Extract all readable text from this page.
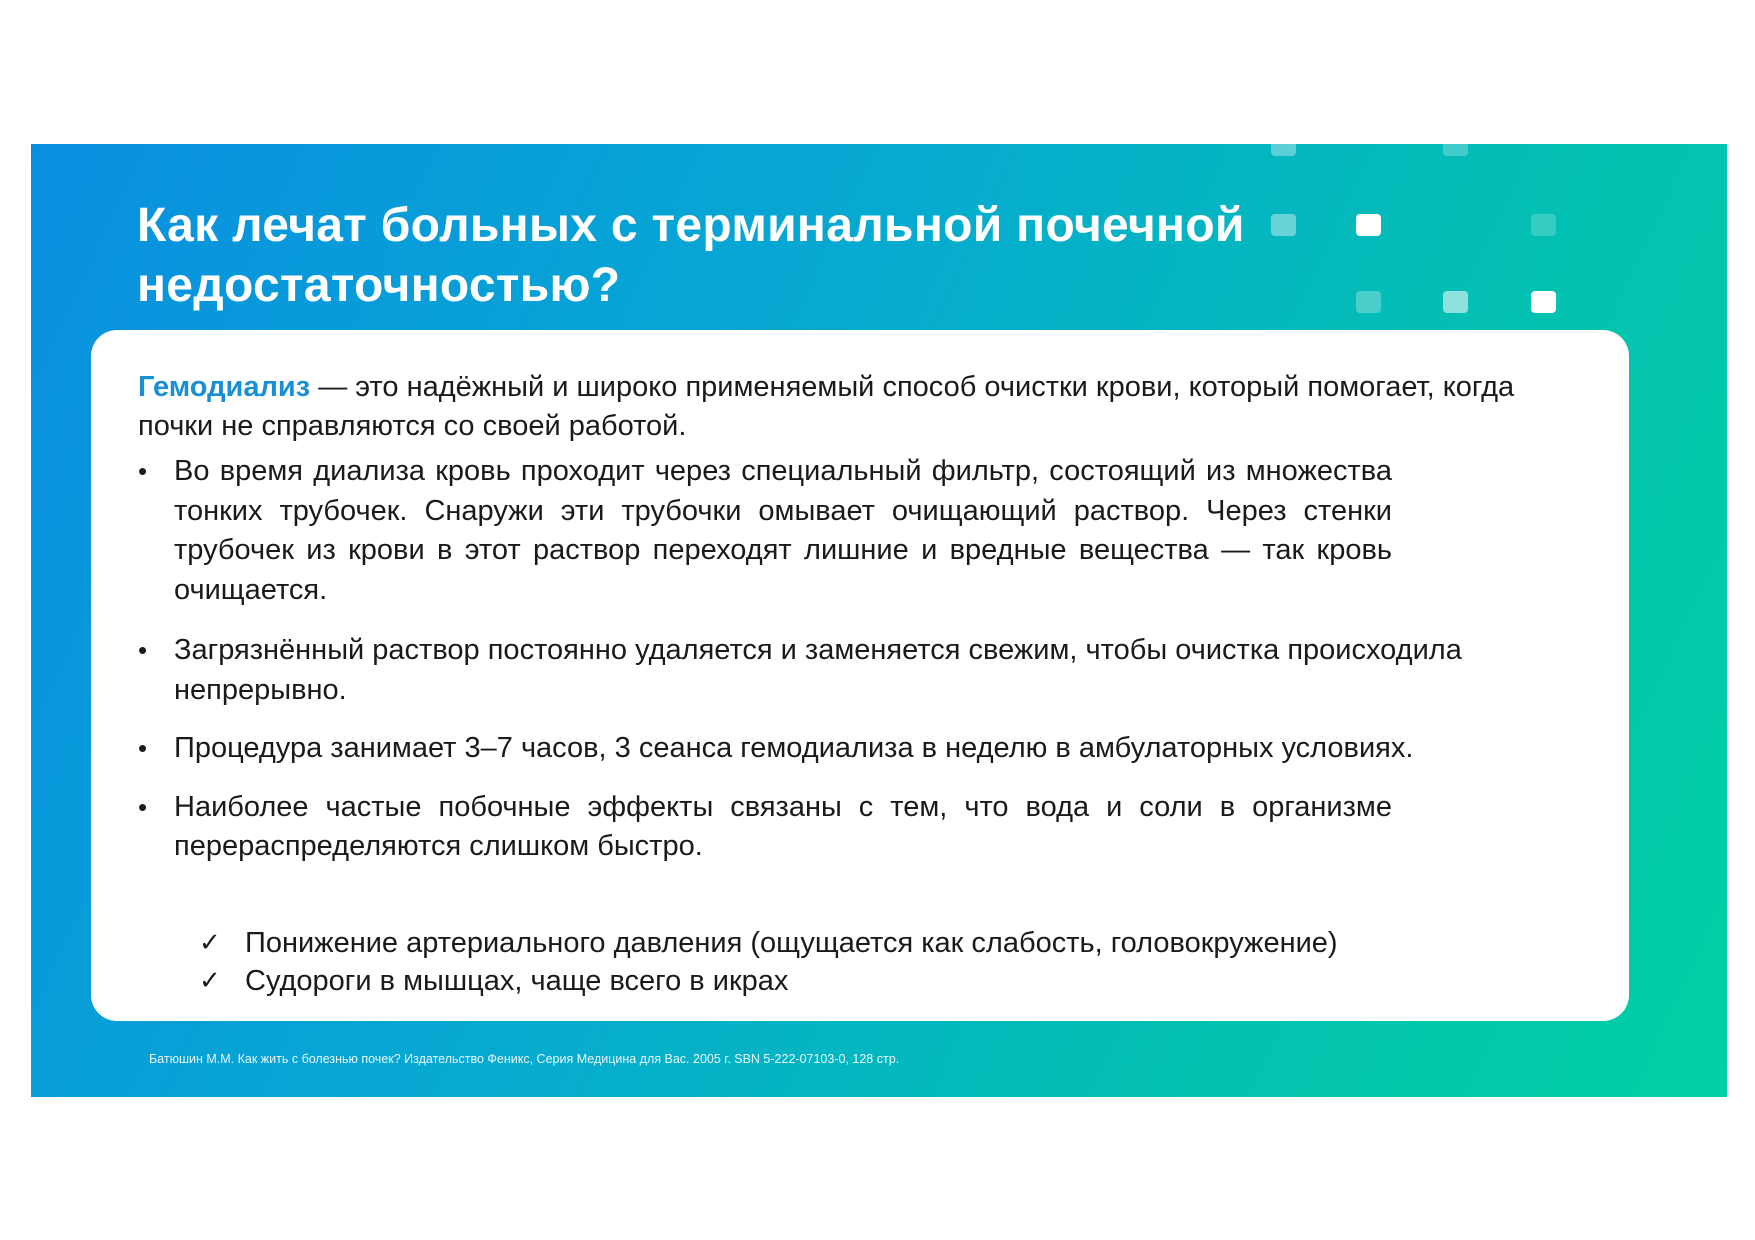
Как лечат больных с терминальной почечной
недостаточностью?

Гемодиализ — это надёжный и широко применяемый способ очистки крови, который помогает, когда почки не справляются со своей работой.

• Во время диализа кровь проходит через специальный фильтр, состоящий из множества тонких трубочек. Снаружи эти трубочки омывает очищающий раствор. Через стенки трубочек из крови в этот раствор переходят лишние и вредные вещества — так кровь очищается.
• Загрязнённый раствор постоянно удаляется и заменяется свежим, чтобы очистка происходила непрерывно.
• Процедура занимает 3–7 часов, 3 сеанса гемодиализа в неделю в амбулаторных условиях.
• Наиболее частые побочные эффекты связаны с тем, что вода и соли в организме перераспределяются слишком быстро.
✓ Понижение артериального давления (ощущается как слабость, головокружение)
✓ Судороги в мышцах, чаще всего в икрах

Батюшин М.М. Как жить с болезнью почек? Издательство Феникс, Серия Медицина для Вас. 2005 г. SBN 5-222-07103-0, 128 стр.
